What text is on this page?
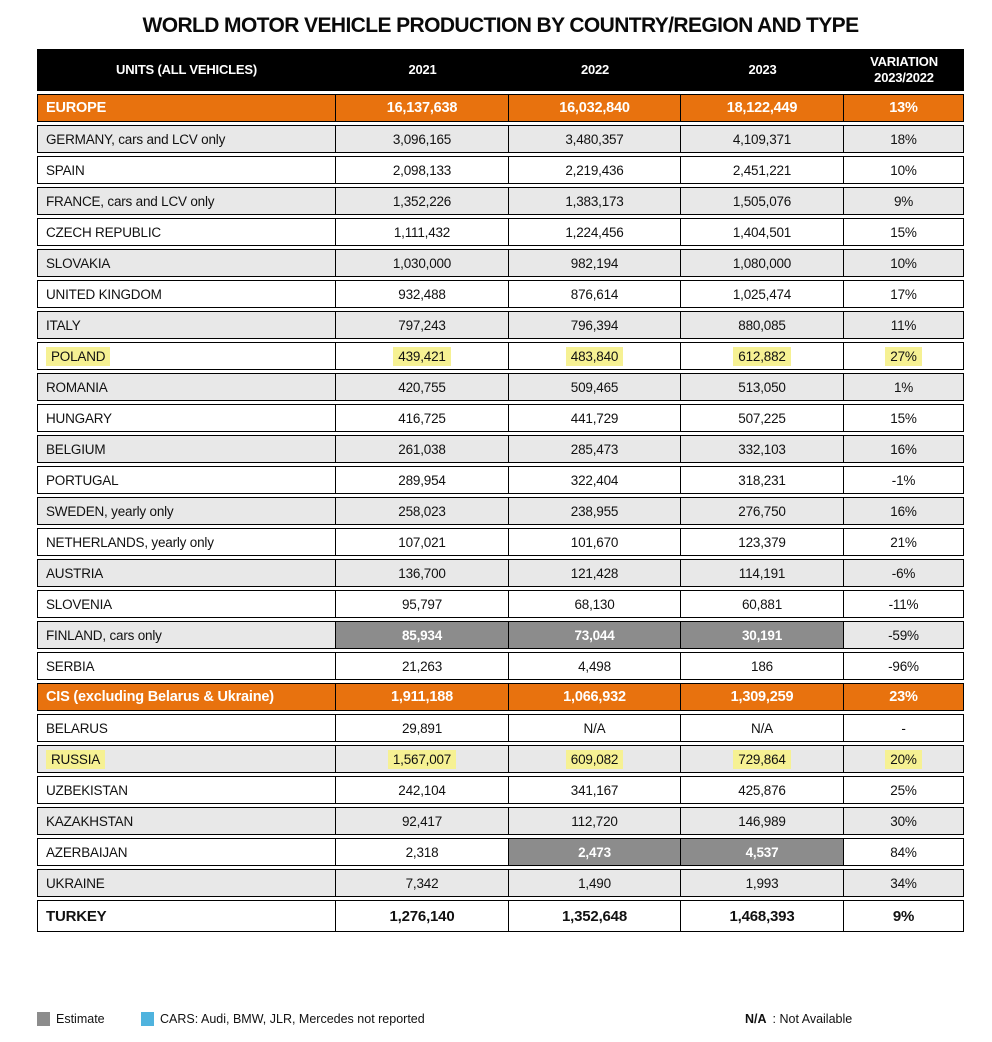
WORLD MOTOR VEHICLE PRODUCTION BY COUNTRY/REGION AND TYPE
UNITS (ALL VEHICLES)	2021	2022	2023	VARIATION
2023/2022

EUROPE	16,137,638	16,032,840	18,122,449	13%
GERMANY, cars and LCV only	3,096,165	3,480,357	4,109,371	18%
SPAIN	2,098,133	2,219,436	2,451,221	10%
FRANCE, cars and LCV only	1,352,226	1,383,173	1,505,076	9%
CZECH REPUBLIC	1,111,432	1,224,456	1,404,501	15%
SLOVAKIA	1,030,000	982,194	1,080,000	10%
UNITED KINGDOM	932,488	876,614	1,025,474	17%
ITALY	797,243	796,394	880,085	11%
POLAND	439,421	483,840	612,882	27%
ROMANIA	420,755	509,465	513,050	1%
HUNGARY	416,725	441,729	507,225	15%
BELGIUM	261,038	285,473	332,103	16%
PORTUGAL	289,954	322,404	318,231	-1%
SWEDEN, yearly only	258,023	238,955	276,750	16%
NETHERLANDS, yearly only	107,021	101,670	123,379	21%
AUSTRIA	136,700	121,428	114,191	-6%
SLOVENIA	95,797	68,130	60,881	-11%
FINLAND, cars only	85,934	73,044	30,191	-59%
SERBIA	21,263	4,498	186	-96%
CIS (excluding Belarus & Ukraine)	1,911,188	1,066,932	1,309,259	23%
BELARUS	29,891	N/A	N/A	-
RUSSIA	1,567,007	609,082	729,864	20%
UZBEKISTAN	242,104	341,167	425,876	25%
KAZAKHSTAN	92,417	112,720	146,989	30%
AZERBAIJAN	2,318	2,473	4,537	84%
UKRAINE	7,342	1,490	1,993	34%
TURKEY	1,276,140	1,352,648	1,468,393	9%
Estimate	CARS: Audi, BMW, JLR, Mercedes not reported	N/A : Not Available
